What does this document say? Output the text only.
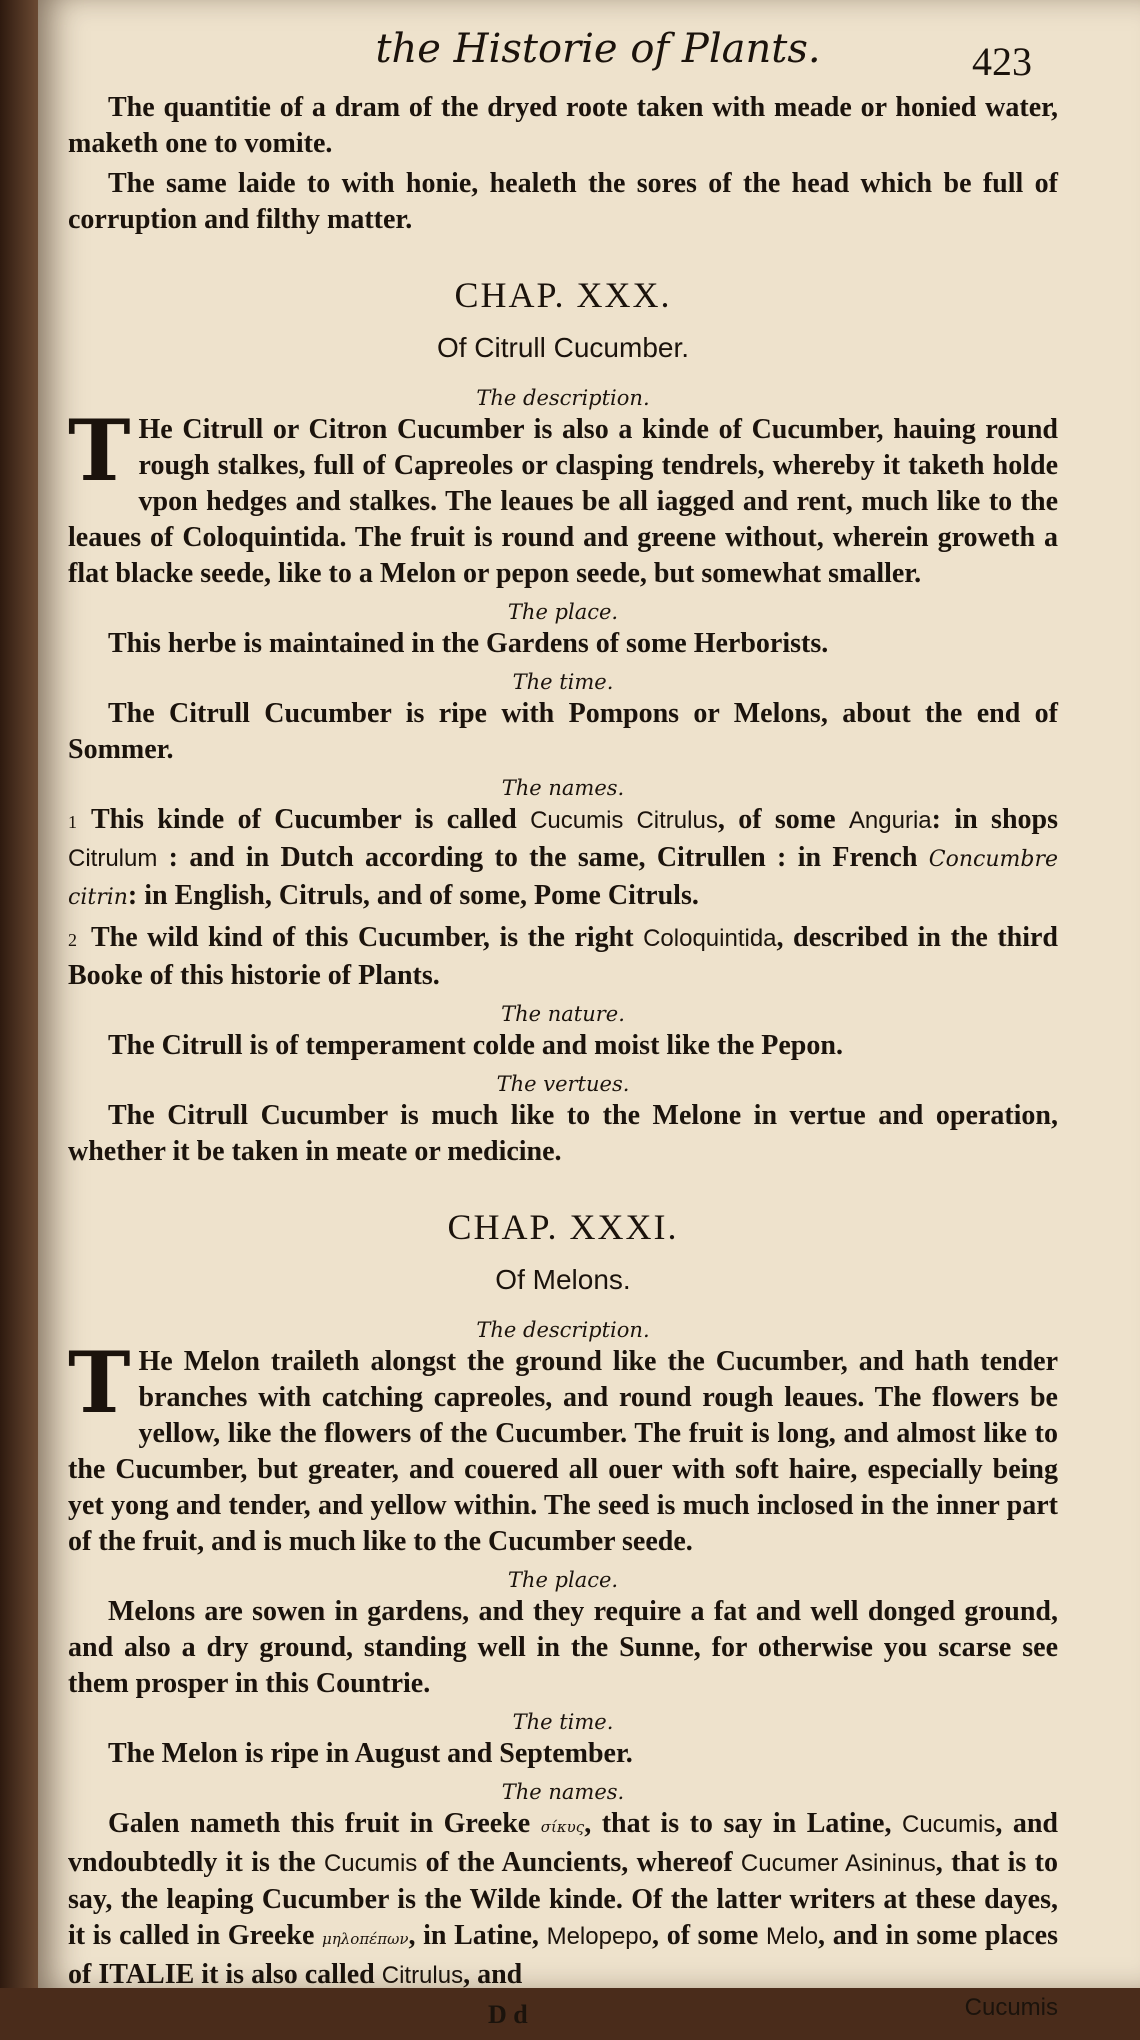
the Historie of Plants.	423

The quantitie of a dram of the dryed roote taken with meade or honied water, maketh one to vomite.

The same laide to with honie, healeth the sores of the head which be full of corruption and filthy matter.

CHAP. XXX.
Of Citrull Cucumber.
The description.

T He Citrull or Citron Cucumber is also a kinde of Cucumber, hauing round rough stalkes, full of Capreoles or clasping tendrels, whereby it taketh holde vpon hedges and stalkes. The leaues be all iagged and rent, much like to the leaues of Coloquintida. The fruit is round and greene without, wherein groweth a flat blacke seede, like to a Melon or pepon seede, but somewhat smaller.

The place.

This herbe is maintained in the Gardens of some Herborists.

The time.

The Citrull Cucumber is ripe with Pompons or Melons, about the end of Sommer.

The names.

1 This kinde of Cucumber is called Cucumis Citrulus, of some Anguria: in shops Citrulum : and in Dutch according to the same, Citrullen : in French Concumbre citrin: in English, Citruls, and of some, Pome Citruls.

2 The wild kind of this Cucumber, is the right Coloquintida, described in the third Booke of this historie of Plants.

The nature.

The Citrull is of temperament colde and moist like the Pepon.

The vertues.

The Citrull Cucumber is much like to the Melone in vertue and operation, whether it be taken in meate or medicine.

CHAP. XXXI.
Of Melons.
The description.

T He Melon traileth alongst the ground like the Cucumber, and hath tender branches with catching capreoles, and round rough leaues. The flowers be yellow, like the flowers of the Cucumber. The fruit is long, and almost like to the Cucumber, but greater, and couered all ouer with soft haire, especially being yet yong and tender, and yellow within. The seed is much inclosed in the inner part of the fruit, and is much like to the Cucumber seede.

The place.

Melons are sowen in gardens, and they require a fat and well donged ground, and also a dry ground, standing well in the Sunne, for otherwise you scarse see them prosper in this Countrie.

The time.

The Melon is ripe in August and September.

The names.

Galen nameth this fruit in Greeke σίκυς, that is to say in Latine, Cucumis, and vndoubtedly it is the Cucumis of the Auncients, whereof Cucumer Asininus, that is to say, the leaping Cucumber is the Wilde kinde. Of the latter writers at these dayes, it is called in Greeke μηλοπέπων, in Latine, Melopepo, of some Melo, and in some places of ITALIE it is also called Citrulus, and

D d	Cucumis
